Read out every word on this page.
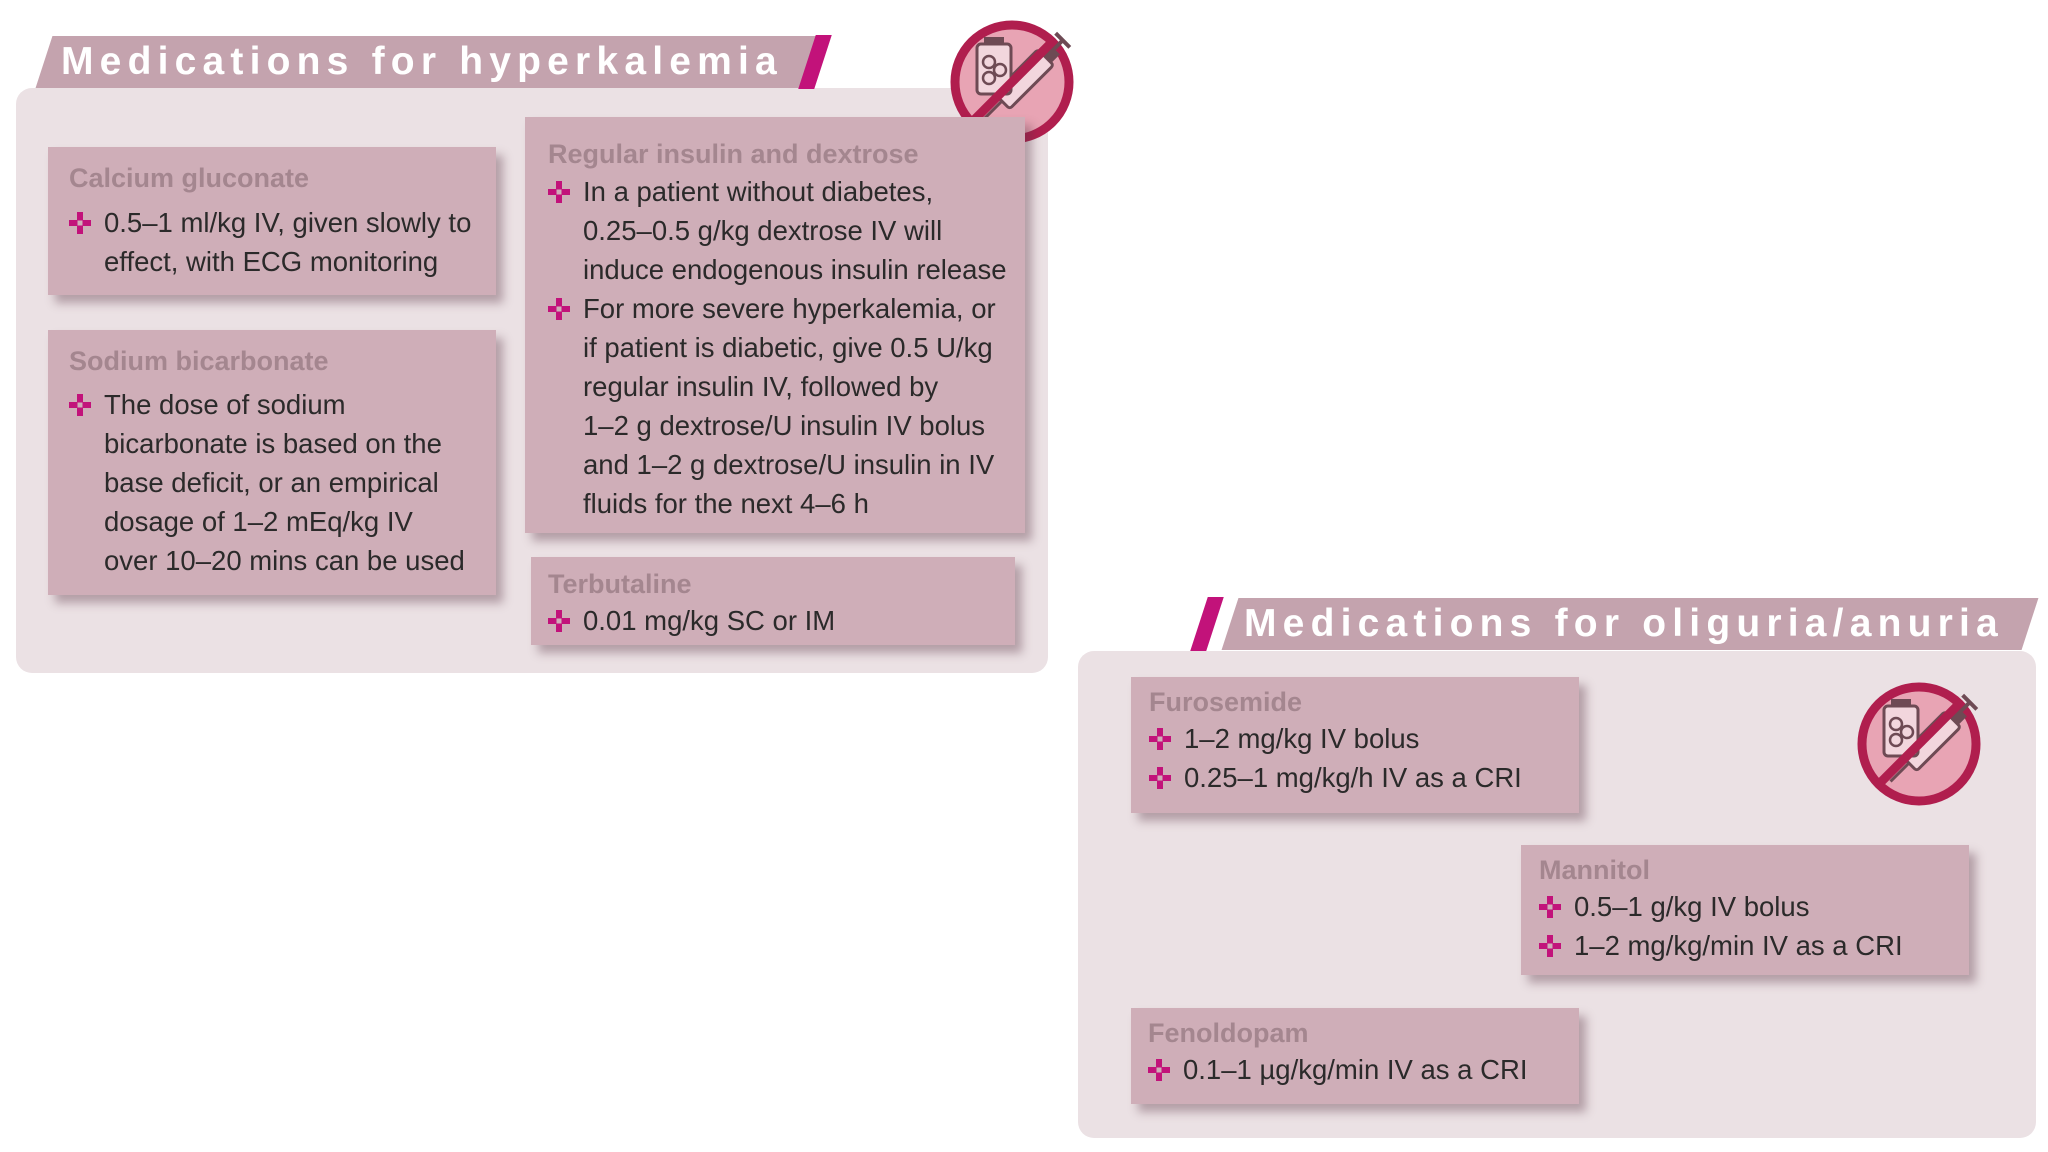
Medications for hyperkalemia
Calcium gluconate
0.5–1 ml/kg IV, given slowly to
effect, with ECG monitoring
Sodium bicarbonate
The dose of sodium
bicarbonate is based on the
base deficit, or an empirical
dosage of 1–2 mEq/kg IV
over 10–20 mins can be used
Regular insulin and dextrose
In a patient without diabetes,
0.25–0.5 g/kg dextrose IV will
induce endogenous insulin release
For more severe hyperkalemia, or
if patient is diabetic, give 0.5 U/kg
regular insulin IV, followed by
1–2 g dextrose/U insulin IV bolus
and 1–2 g dextrose/U insulin in IV
fluids for the next 4–6 h
Terbutaline
0.01 mg/kg SC or IM	Medications for oliguria/anuria
Furosemide
1–2 mg/kg IV bolus
0.25–1 mg/kg/h IV as a CRI
Mannitol
0.5–1 g/kg IV bolus
1–2 mg/kg/min IV as a CRI
Fenoldopam
0.1–1 µg/kg/min IV as a CRI
